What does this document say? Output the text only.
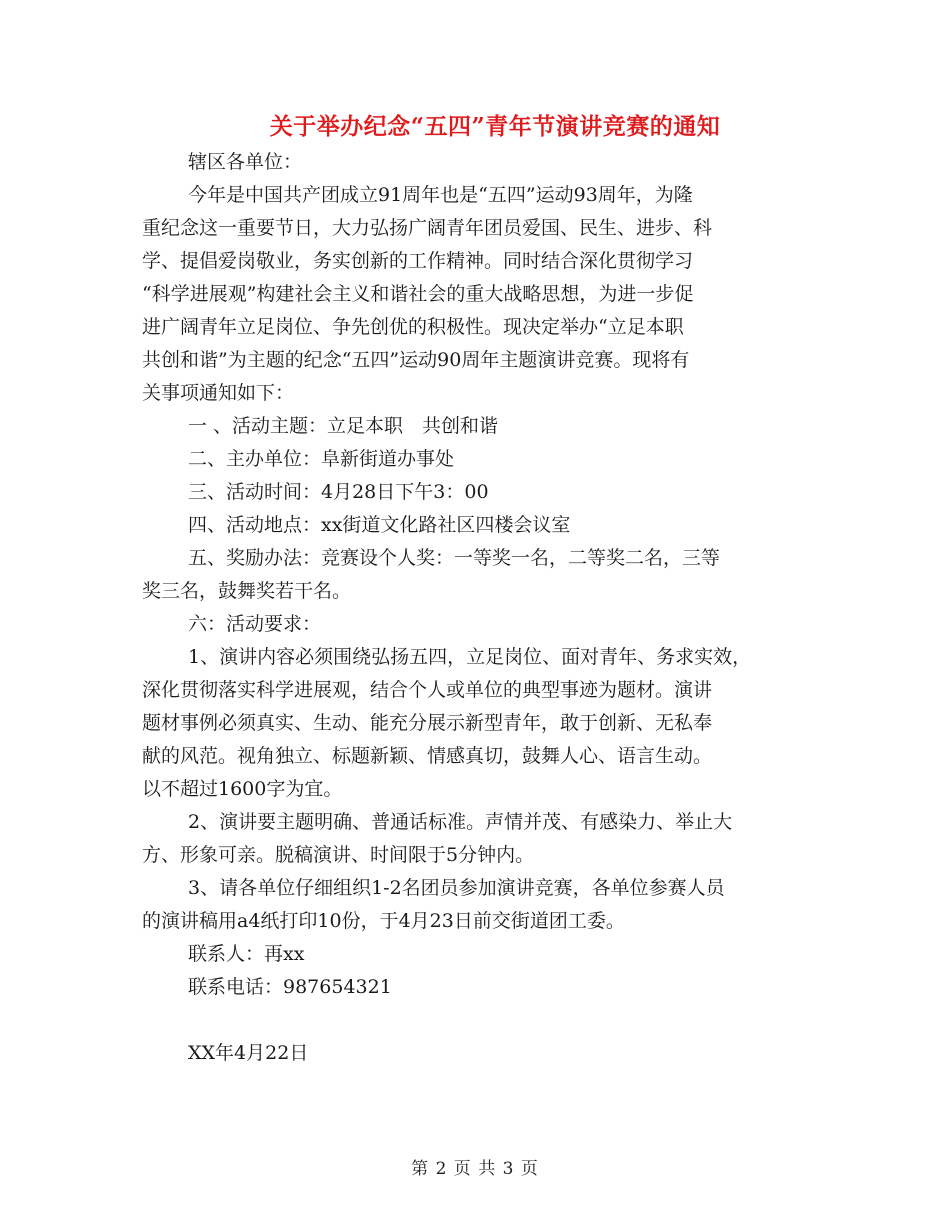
关于举办纪念“五四”青年节演讲竞赛的通知
辖区各单位：
今年是中国共产团成立91周年也是“五四”运动93周年，为隆
重纪念这一重要节日，大力弘扬广阔青年团员爱国、民生、进步、科
学、提倡爱岗敬业，务实创新的工作精神。同时结合深化贯彻学习
“科学进展观”构建社会主义和谐社会的重大战略思想，为进一步促
进广阔青年立足岗位、争先创优的积极性。现决定举办“立足本职
共创和谐”为主题的纪念“五四”运动90周年主题演讲竞赛。现将有
关事项通知如下：
一 、活动主题：立足本职　共创和谐
二、主办单位：阜新街道办事处
三、活动时间：4月28日下午3：00
四、活动地点：xx街道文化路社区四楼会议室
五、奖励办法：竞赛设个人奖：一等奖一名，二等奖二名，三等
奖三名，鼓舞奖若干名。
六：活动要求：
1、演讲内容必须围绕弘扬五四，立足岗位、面对青年、务求实效，
深化贯彻落实科学进展观，结合个人或单位的典型事迹为题材。演讲
题材事例必须真实、生动、能充分展示新型青年，敢于创新、无私奉
献的风范。视角独立、标题新颖、情感真切，鼓舞人心、语言生动。
以不超过1600字为宜。
2、演讲要主题明确、普通话标准。声情并茂、有感染力、举止大
方、形象可亲。脱稿演讲、时间限于5分钟内。
3、请各单位仔细组织1-2名团员参加演讲竞赛，各单位参赛人员
的演讲稿用a4纸打印10份，于4月23日前交街道团工委。
联系人：再xx
联系电话：987654321
XX年4月22日
第 2 页 共 3 页
